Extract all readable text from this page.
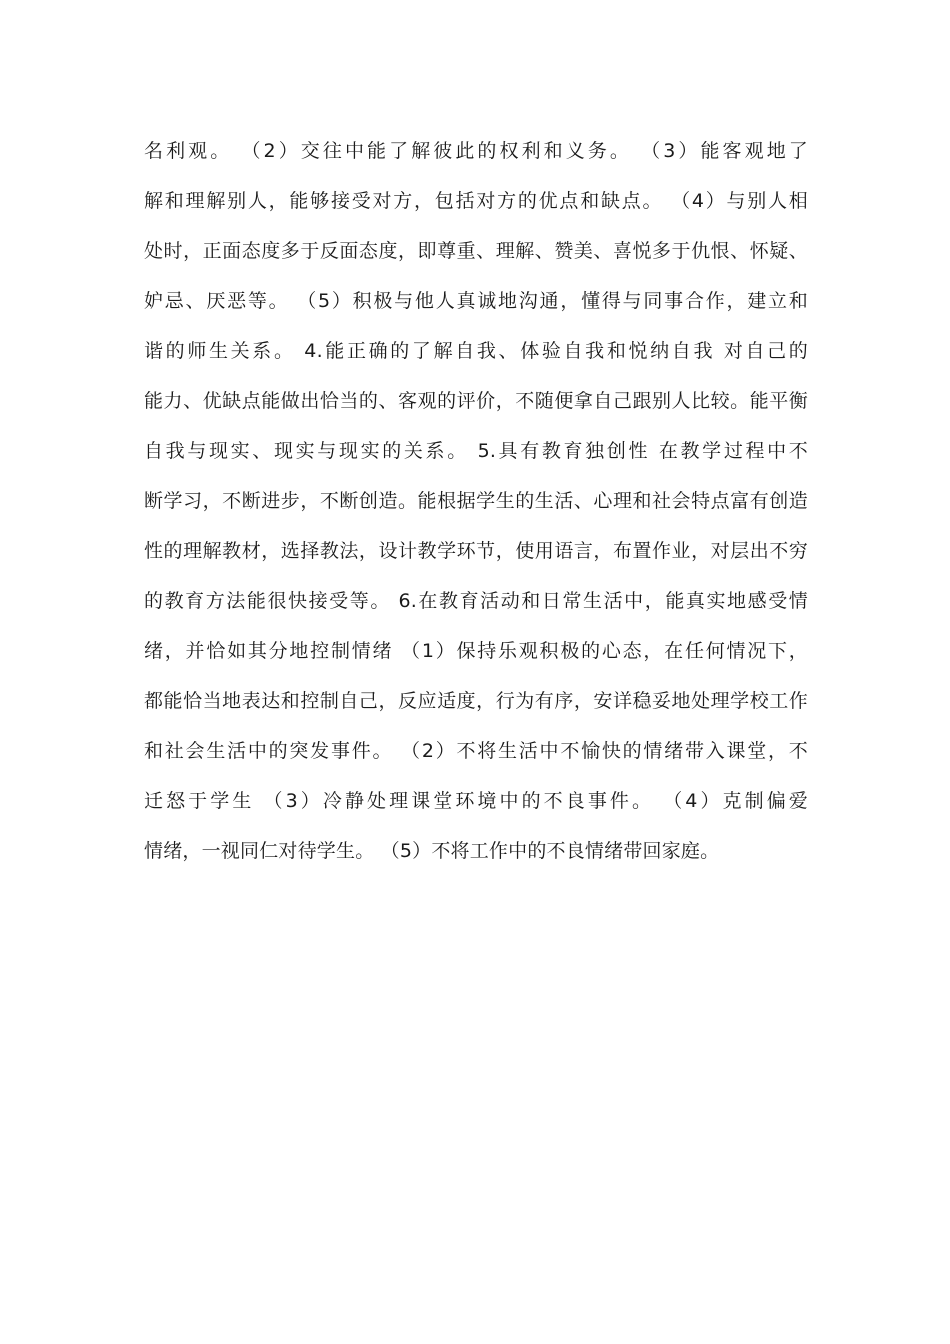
名利观。 （2）交往中能了解彼此的权利和义务。 （3）能客观地了
解和理解别人，能够接受对方，包括对方的优点和缺点。 （4）与别人相
处时，正面态度多于反面态度，即尊重、理解、赞美、喜悦多于仇恨、怀疑、
妒忌、厌恶等。 （5）积极与他人真诚地沟通，懂得与同事合作，建立和
谐的师生关系。 4.能正确的了解自我、体验自我和悦纳自我 对自己的
能力、优缺点能做出恰当的、客观的评价，不随便拿自己跟别人比较。能平衡
自我与现实、现实与现实的关系。 5.具有教育独创性 在教学过程中不
断学习，不断进步，不断创造。能根据学生的生活、心理和社会特点富有创造
性的理解教材，选择教法，设计教学环节，使用语言，布置作业，对层出不穷
的教育方法能很快接受等。 6.在教育活动和日常生活中，能真实地感受情
绪，并恰如其分地控制情绪 （1）保持乐观积极的心态，在任何情况下，
都能恰当地表达和控制自己，反应适度，行为有序，安详稳妥地处理学校工作
和社会生活中的突发事件。 （2）不将生活中不愉快的情绪带入课堂，不
迁怒于学生 （3）冷静处理课堂环境中的不良事件。 （4）克制偏爱
情绪，一视同仁对待学生。 （5）不将工作中的不良情绪带回家庭。
